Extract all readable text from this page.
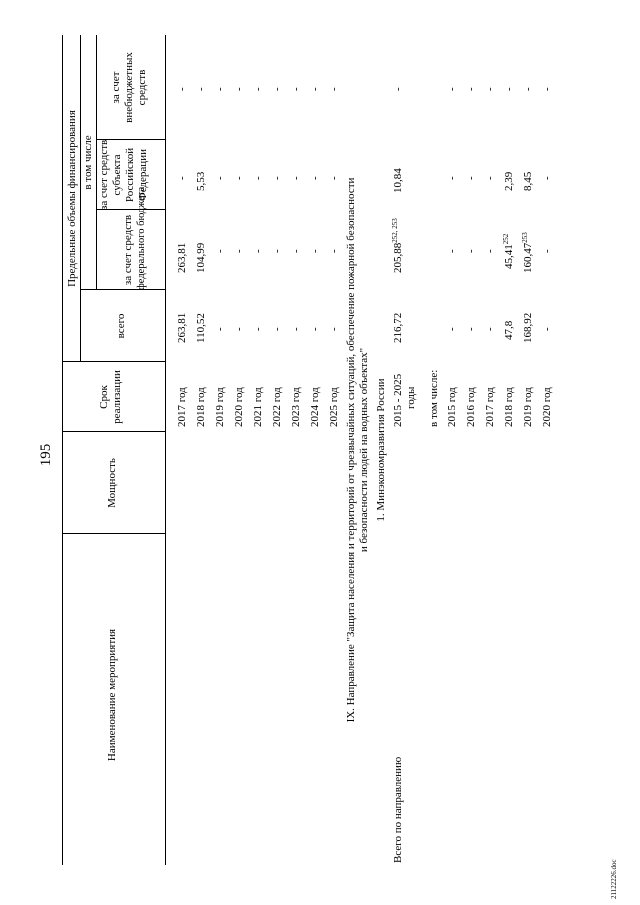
195
Наименование мероприятия
Мощность
Срок реализации
Предельные объемы финансирования
всего
в том числе
за счет средств федерального бюджета
за счет средств субъекта Российской Федерации
за счет внебюджетных средств
2017 год
263,81
263,81
-
-
2018 год
110,52
104,99
5,53
-
2019 год
-
-
-
-
2020 год
-
-
-
-
2021 год
-
-
-
-
2022 год
-
-
-
-
2023 год
-
-
-
-
2024 год
-
-
-
-
2025 год
-
-
-
-
IX. Направление "Защита населения и территорий от чрезвычайных ситуаций, обеспечение пожарной безопасности и безопасности людей на водных объектах" 1. Минэкономразвития России
Всего по направлению
2015 - 2025 годы
216,72
205,88$^{252, 253}$
10,84
-
в том числе: 2015 год
-
-
-
-
2016 год
-
-
-
-
2017 год
-
-
-
-
2018 год
47,8
45,41$^{252}$
2,39
-
2019 год
168,92
160,47$^{253}$
8,45
-
2020 год
-
-
-
-
21122226.doc
